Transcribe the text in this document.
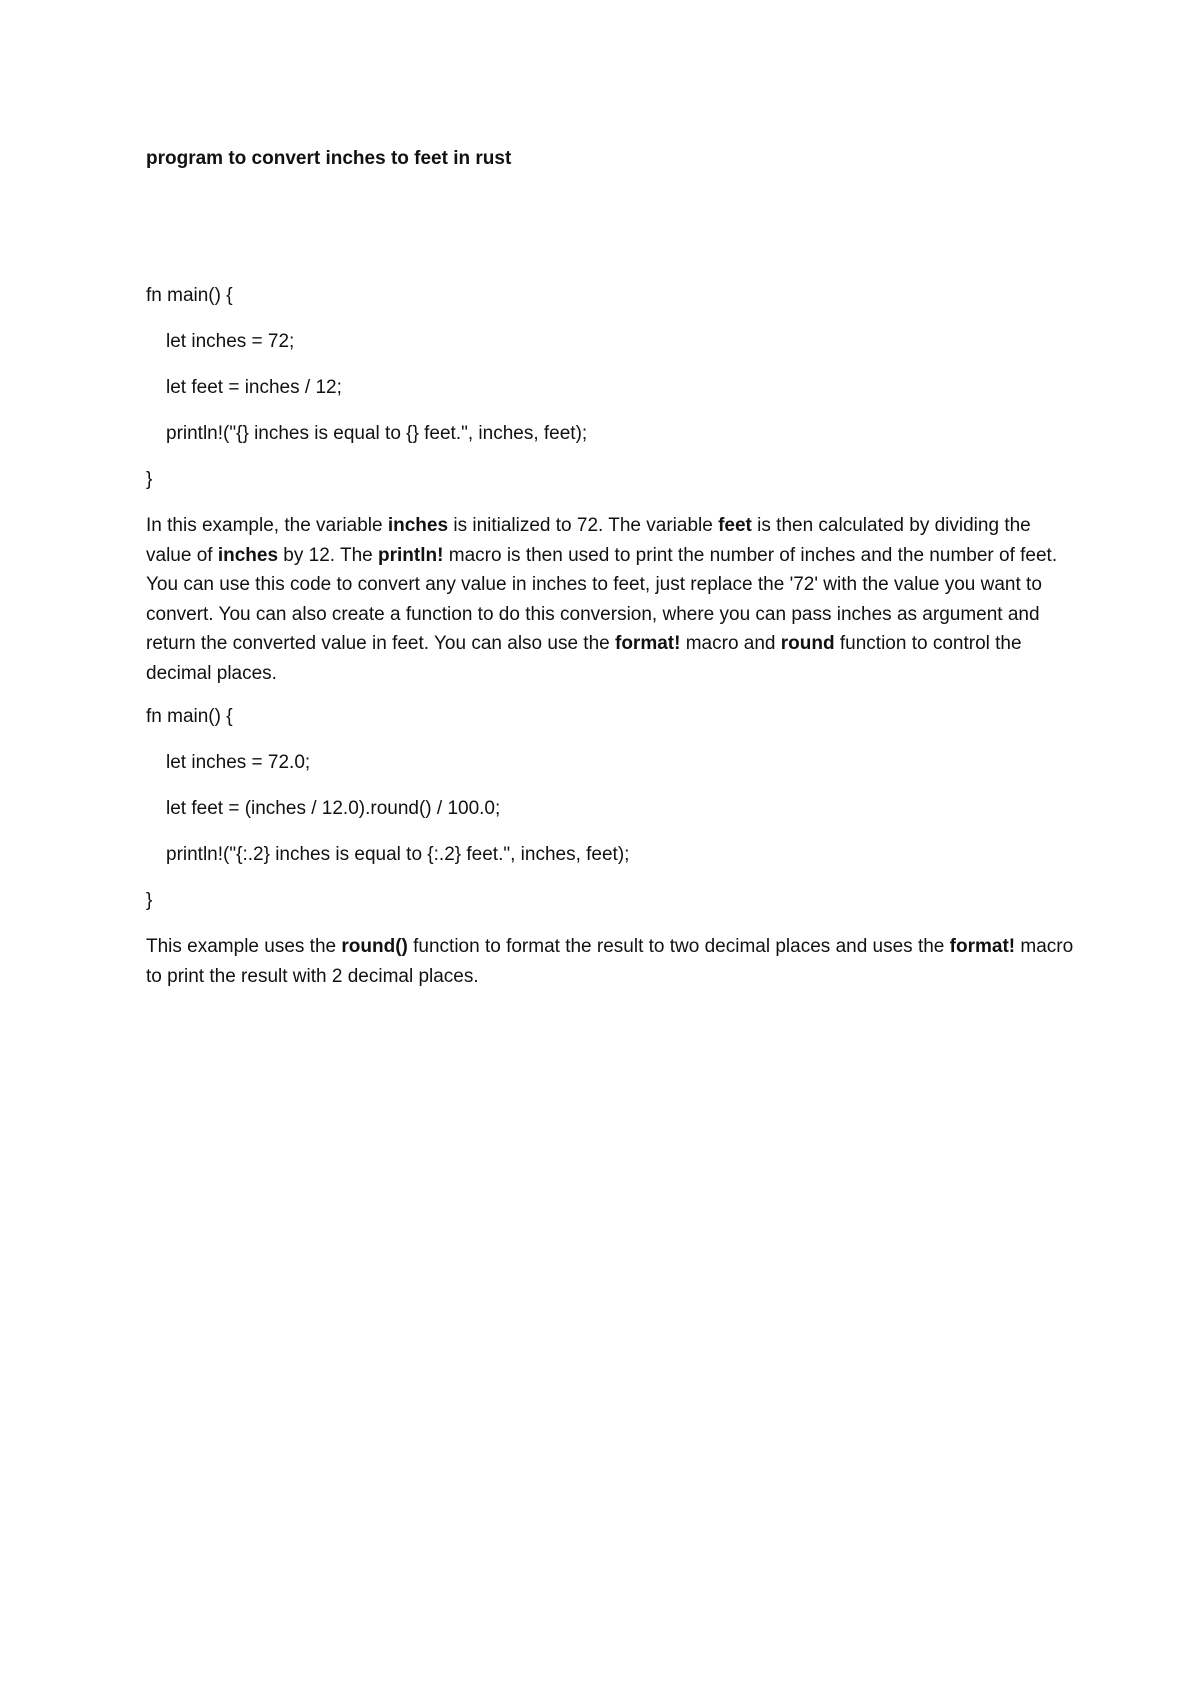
program to convert inches to feet in rust
fn main() {
let inches = 72;
let feet = inches / 12;
println!("{} inches is equal to {} feet.", inches, feet);
}

In this example, the variable inches is initialized to 72. The variable feet is then calculated by dividing the value of inches by 12. The println! macro is then used to print the number of inches and the number of feet. You can use this code to convert any value in inches to feet, just replace the '72' with the value you want to convert. You can also create a function to do this conversion, where you can pass inches as argument and return the converted value in feet. You can also use the format! macro and round function to control the decimal places.

fn main() {
let inches = 72.0;
let feet = (inches / 12.0).round() / 100.0;
println!("{:.2} inches is equal to {:.2} feet.", inches, feet);
}

This example uses the round() function to format the result to two decimal places and uses the format! macro to print the result with 2 decimal places.
